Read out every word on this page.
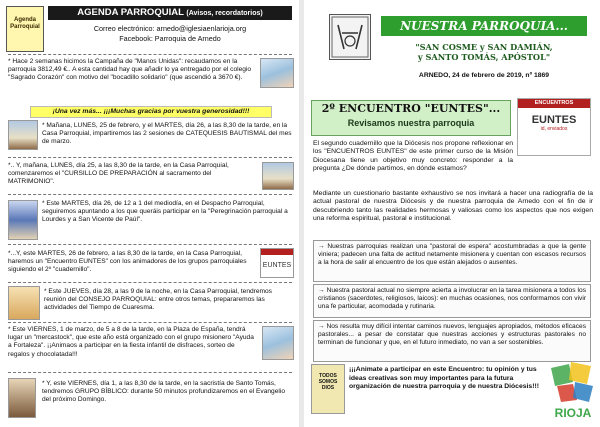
Agenda Parroquial
AGENDA PARROQUIAL (Avisos, recordatorios)
Correo electrónico: arnedo@iglesiaenlarioja.org
Facebook: Parroquia de Arnedo
* Hace 2 semanas hicimos la Campaña de "Manos Unidas": recaudamos en la parroquia 3812,49 €.. A esta cantidad hay que añadir lo ya entregado por el colegio "Sagrado Corazón" con motivo del "bocadillo solidario" (que ascendió a 3670 €).
¡Una vez más... ¡¡¡Muchas gracias por vuestra generosidad!!!
* Mañana, LUNES, 25 de febrero, y el MARTES, día 26, a las 8,30 de la tarde, en la Casa Parroquial, impartiremos las 2 sesiones de CATEQUESIS BAUTISMAL del mes de marzo.
*.. Y, mañana, LUNES, día 25, a las 8,30 de la tarde, en la Casa Parroquial, comenzaremos el "CURSILLO DE PREPARACIÓN al sacramento del MATRIMONIO".
* Este MARTES, día 26, de 12 a 1 del mediodía, en el Despacho Parroquial, seguiremos apuntando a los que queráis participar en la "Peregrinación parroquial a Lourdes y a San Vicente de Paúl".
*...Y, este MARTES, 26 de febrero, a las 8,30 de la tarde, en la Casa Parroquial, haremos un "Encuentro EUNTES" con los animadores de los grupos parroquiales siguiendo el 2º "cuadernillo".
EUNTES
* Este JUEVES, día 28, a las 9 de la noche, en la Casa Parroquial, tendremos reunión del CONSEJO PARROQUIAL: entre otros temas, prepararemos las actividades del Tiempo de Cuaresma.
* Este VIERNES, 1 de marzo, de 5 a 8 de la tarde, en la Plaza de España, tendrá lugar un "mercastock", que este año está organizado con el grupo misionero "Ayuda a Fortaleza". ¡¡Animaos a participar en la fiesta infantil de disfraces, sorteo de regalos y chocolatada!!!
* Y, este VIERNES, día 1, a las 8,30 de la tarde, en la sacristía de Santo Tomás, tendremos GRUPO BÍBLICO: durante 50 minutos profundizaremos en el Evangelio del próximo Domingo.
NUESTRA PARROQUIA...
"SAN COSME y SAN DAMIÁN,
y SANTO TOMÁS, APÓSTOL"
ARNEDO, 24 de febrero de 2019, nº 1869
2º ENCUENTRO "EUNTES"...
Revisamos nuestra parroquia
ENCUENTROS
EUNTES
id, enviados
El segundo cuadernillo que la Diócesis nos propone reflexionar en los "ENCUENTROS EUNTES" de este primer curso de la Misión Diocesana tiene un objetivo muy concreto: responder a la pregunta ¿De dónde partimos, en dónde estamos?
Mediante un cuestionario bastante exhaustivo se nos invitará a hacer una radiografía de la actual pastoral de nuestra Diócesis y de nuestra parroquia de Arnedo con el fin de ir descubriendo tanto las realidades hermosas y valiosas como los aspectos que nos exigen una reforma espiritual, pastoral e institucional.
→ Nuestras parroquias realizan una "pastoral de espera" acostumbradas a que la gente viniera; padecen una falta de actitud netamente misionera y cuentan con escasos recursos a la hora de salir al encuentro de los que están alejados o ausentes.
→ Nuestra pastoral actual no siempre acierta a involucrar en la tarea misionera a todos los cristianos (sacerdotes, religiosos, laicos): en muchas ocasiones, nos conformamos con vivir una fe particular, acomodada y rutinaria.
→ Nos resulta muy difícil intentar caminos nuevos, lenguajes apropiados, métodos eficaces pastorales... a pesar de constatar que nuestras acciones y estructuras pastorales no terminan de funcionar y que, en el futuro inmediato, no van a ser sostenibles.
TODOS SOMOS DIOS
¡¡¡Animate a participar en este Encuentro: tu opinión y tus ideas creativas son muy importantes para la futura organización de nuestra parroquia y de nuestra Diócesis!!!
RIOJA
